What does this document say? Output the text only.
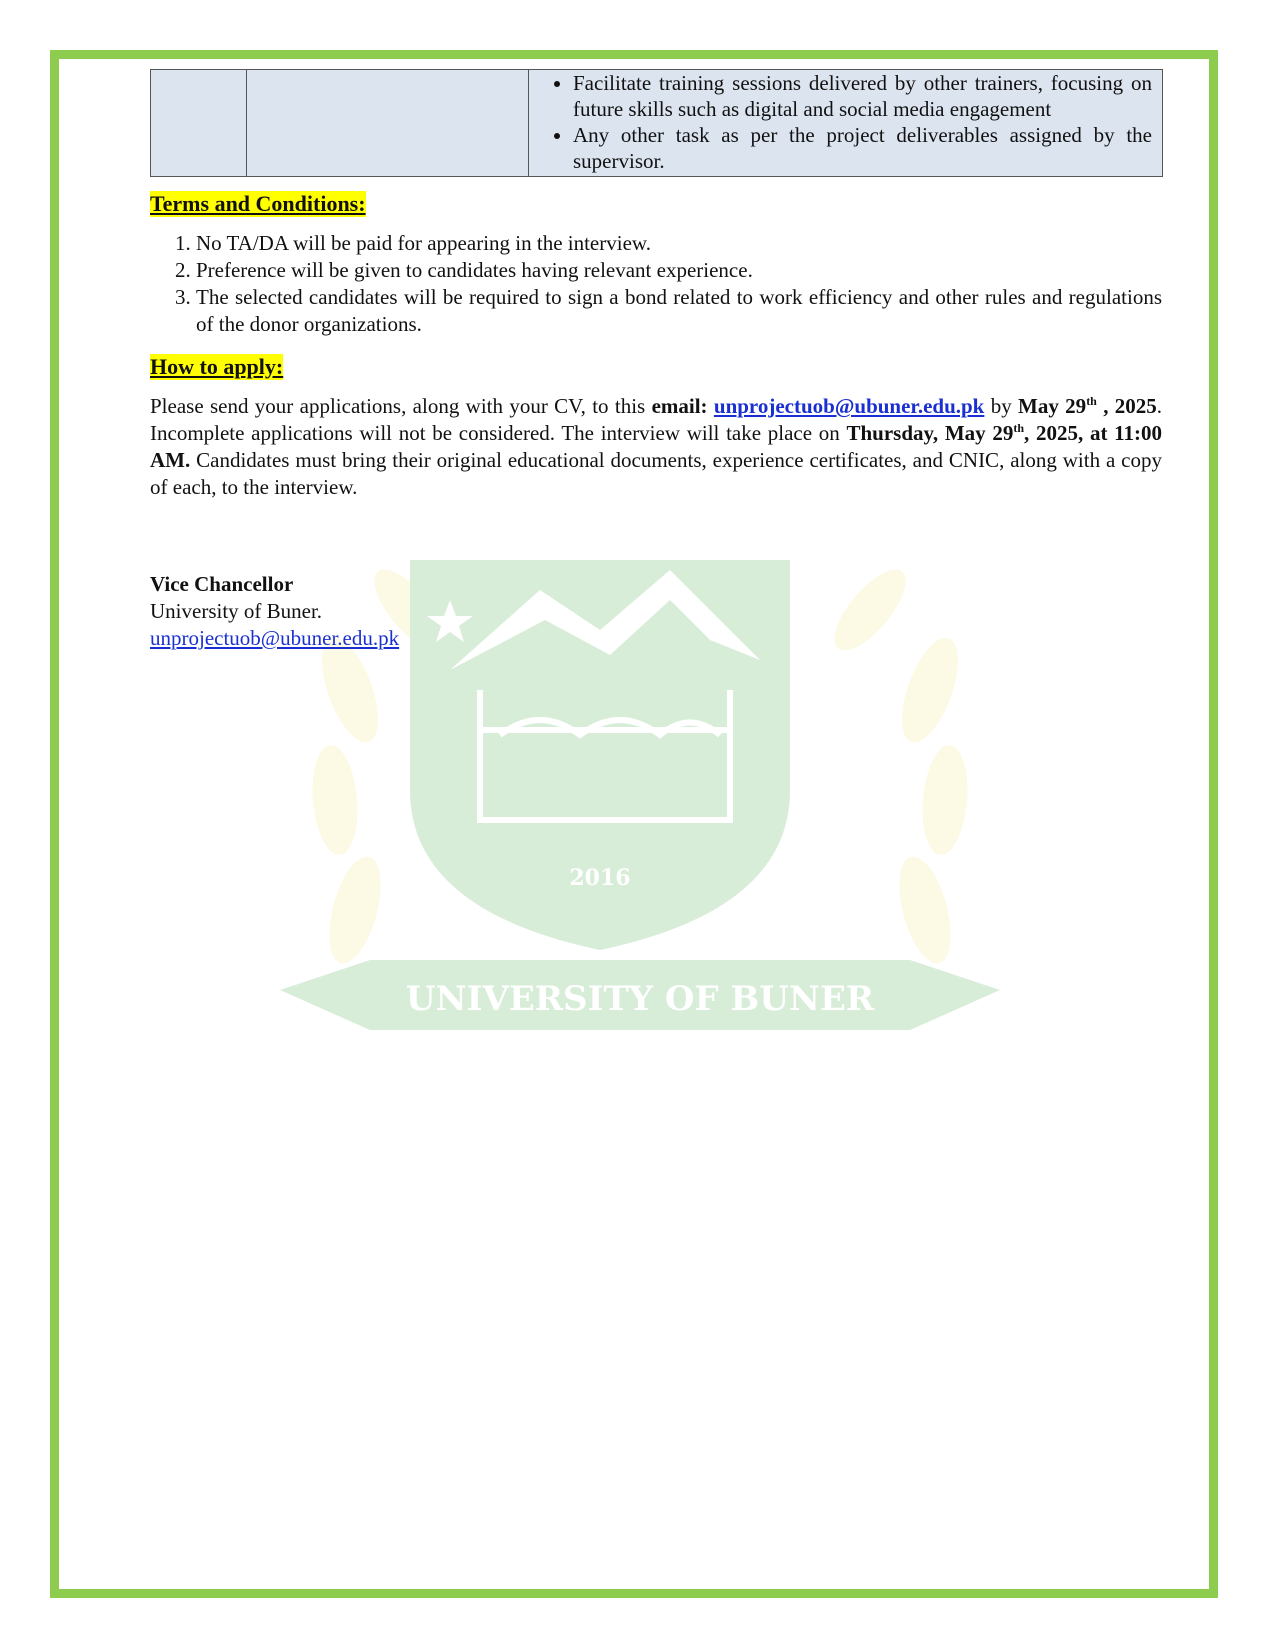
2016
UNIVERSITY OF BUNER

• Facilitate training sessions delivered by other trainers, focusing on future skills such as digital and social media engagement
• Any other task as per the project deliverables assigned by the supervisor.
Terms and Conditions:
1. No TA/DA will be paid for appearing in the interview.
2. Preference will be given to candidates having relevant experience.
3. The selected candidates will be required to sign a bond related to work efficiency and other rules and regulations of the donor organizations.
How to apply:

Please send your applications, along with your CV, to this email: unprojectuob@ubuner.edu.pk by May 29th , 2025. Incomplete applications will not be considered. The interview will take place on Thursday, May 29th, 2025, at 11:00 AM. Candidates must bring their original educational documents, experience certificates, and CNIC, along with a copy of each, to the interview.

Vice Chancellor
University of Buner.
unprojectuob@ubuner.edu.pk
